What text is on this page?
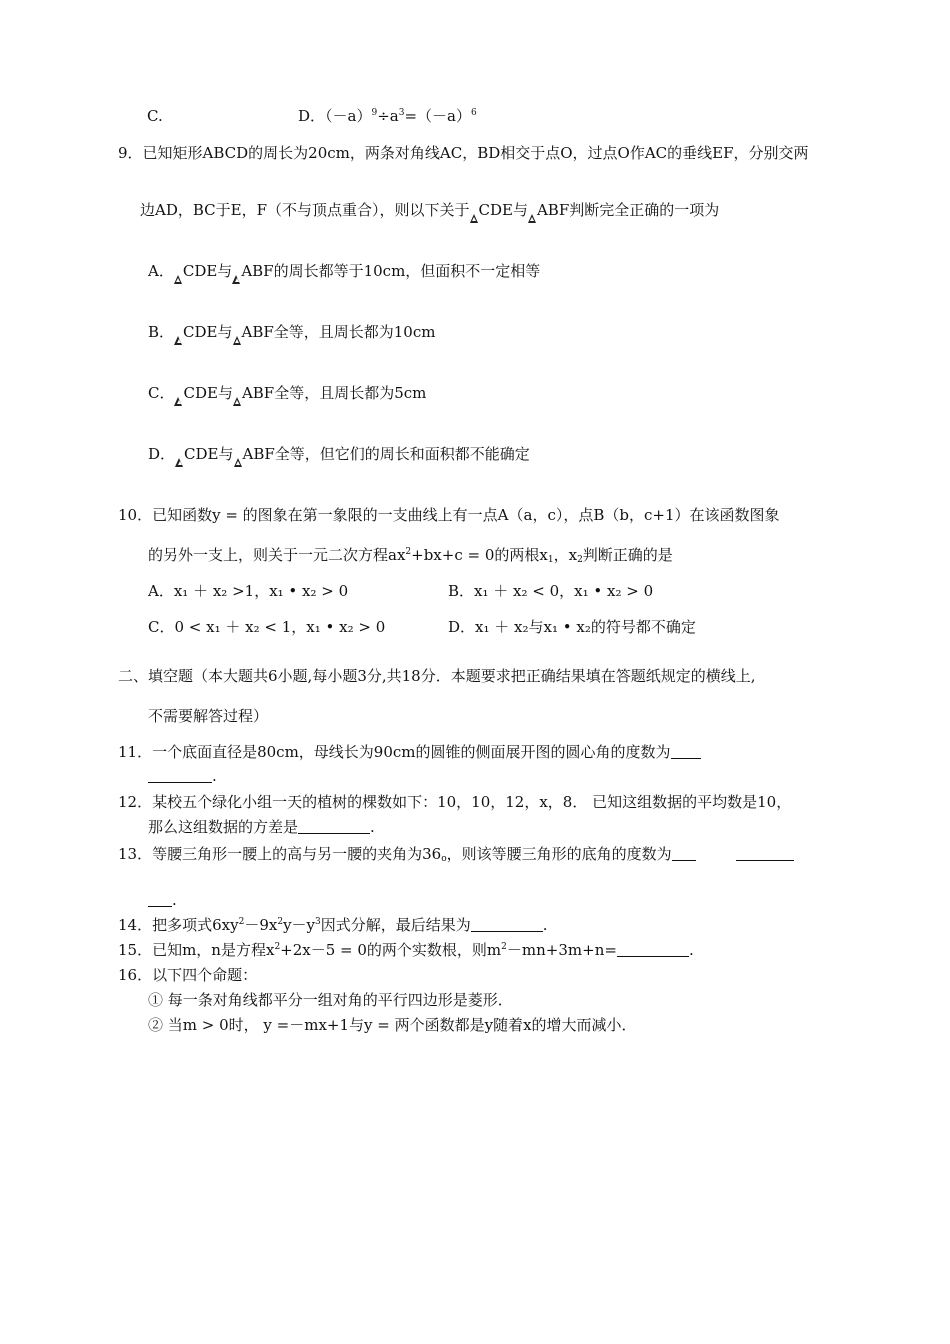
C.	D．$(-a)^9\div a^3=(-a)^6$
9．已知矩形ABCD的周长为20cm，两条对角线AC，BD相交于点O，过点O作AC的垂线EF，分别交两
边AD，BC于E，F（不与顶点重合），则以下关于 CDE与 ABF判断完全正确的一项为
A． CDE与 ABF的周长都等于10cm，但面积不一定相等
B． CDE与 ABF全等，且周长都为10cm
C． CDE与 ABF全等，且周长都为5cm
D． CDE与 ABF全等，但它们的周长和面积都不能确定
10．已知函数y = 的图象在第一象限的一支曲线上有一点A（a，c），点B（b，c+1）在该函数图象
的另外一支上，则关于一元二次方程$ax^2+bx+c = 0$的两根$x_1$，$x_2$判断正确的是
A．x₁ ＋ x₂ >1，x₁ • x₂ > 0	B．x₁ ＋ x₂ < 0，x₁ • x₂ > 0
C．0 < x₁ ＋ x₂ < 1，x₁ • x₂ > 0	D．x₁ ＋ x₂与x₁ • x₂的符号都不确定
二、填空题（本大题共6小题,每小题3分,共18分．本题要求把正确结果填在答题纸规定的横线上,
不需要解答过程）
11．一个底面直径是80cm，母线长为90cm的圆锥的侧面展开图的圆心角的度数为
.
12．某校五个绿化小组一天的植树的棵数如下：10，10，12，x，8． 已知这组数据的平均数是10，
那么这组数据的方差是	.
13．等腰三角形一腰上的高与另一腰的夹角为$36_o$，则该等腰三角形的底角的度数为
.
14．把多项式$6xy^2-9x^2y-y^3$因式分解，最后结果为	.
15．已知m，n是方程$x^2+2x-5 = 0$的两个实数根，则$m^2-mn+3m+n=$	.
16．以下四个命题：
① 每一条对角线都平分一组对角的平行四边形是菱形．
② 当m > 0时， y =－mx+1与y = 两个函数都是y随着x的增大而减小．
